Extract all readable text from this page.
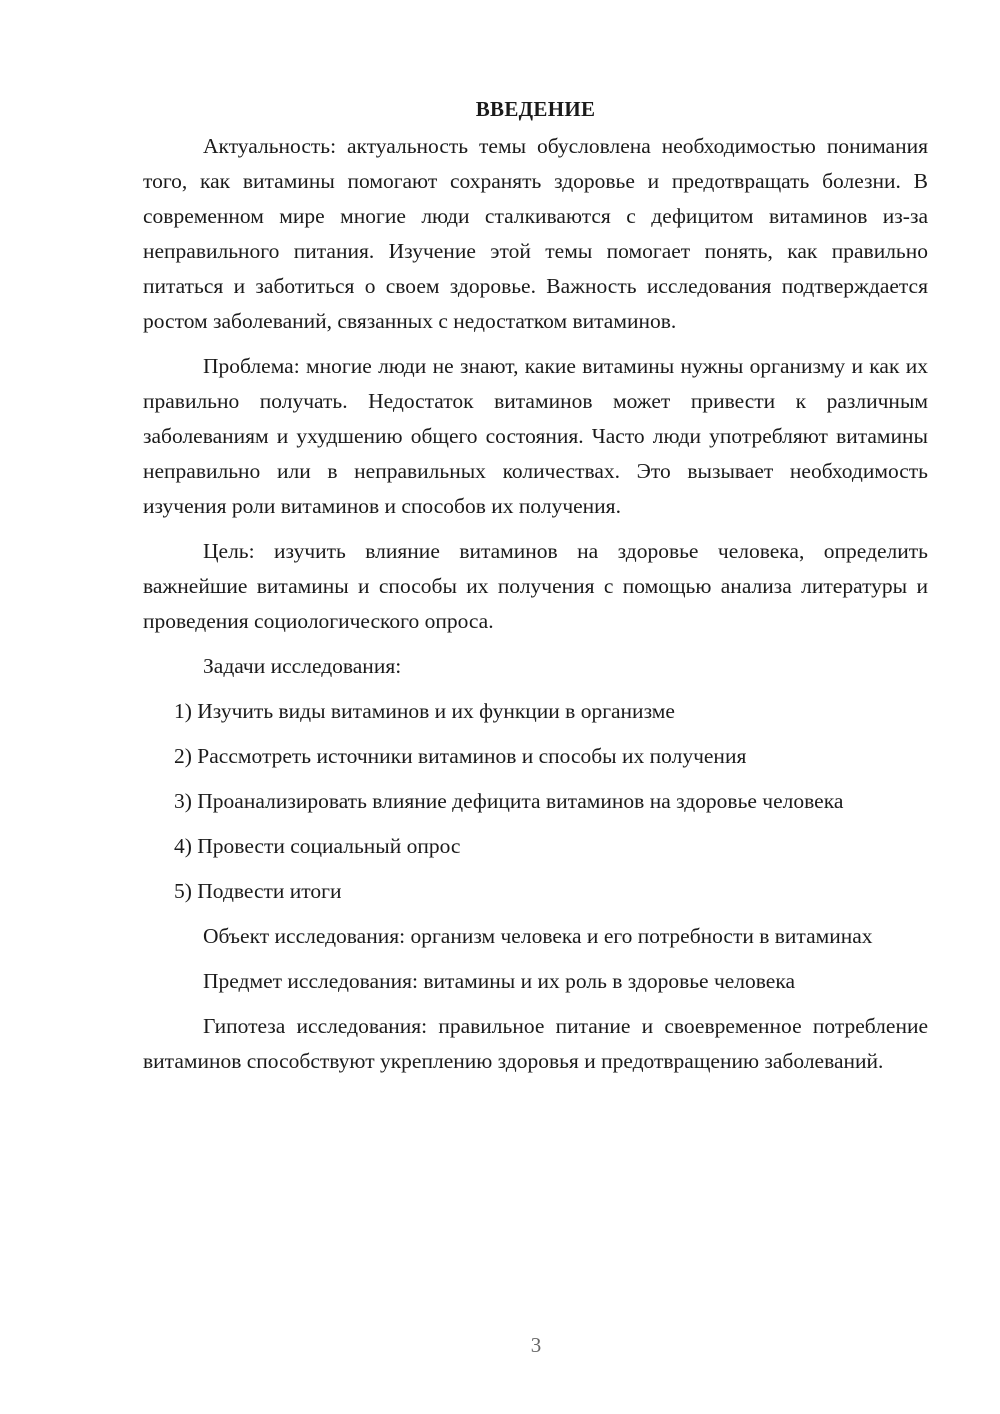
ВВЕДЕНИЕ

Актуальность: актуальность темы обусловлена необходимостью понимания того, как витамины помогают сохранять здоровье и предотвращать болезни. В современном мире многие люди сталкиваются с дефицитом витаминов из-за неправильного питания. Изучение этой темы помогает понять, как правильно питаться и заботиться о своем здоровье. Важность исследования подтверждается ростом заболеваний, связанных с недостатком витаминов.

Проблема: многие люди не знают, какие витамины нужны организму и как их правильно получать. Недостаток витаминов может привести к различным заболеваниям и ухудшению общего состояния. Часто люди употребляют витамины неправильно или в неправильных количествах. Это вызывает необходимость изучения роли витаминов и способов их получения.

Цель: изучить влияние витаминов на здоровье человека, определить важнейшие витамины и способы их получения с помощью анализа литературы и проведения социологического опроса.

Задачи исследования:

1) Изучить виды витаминов и их функции в организме

2) Рассмотреть источники витаминов и способы их получения

3) Проанализировать влияние дефицита витаминов на здоровье человека

4) Провести социальный опрос

5) Подвести итоги

Объект исследования: организм человека и его потребности в витаминах

Предмет исследования: витамины и их роль в здоровье человека

Гипотеза исследования: правильное питание и своевременное потребление витаминов способствуют укреплению здоровья и предотвращению заболеваний.

3
